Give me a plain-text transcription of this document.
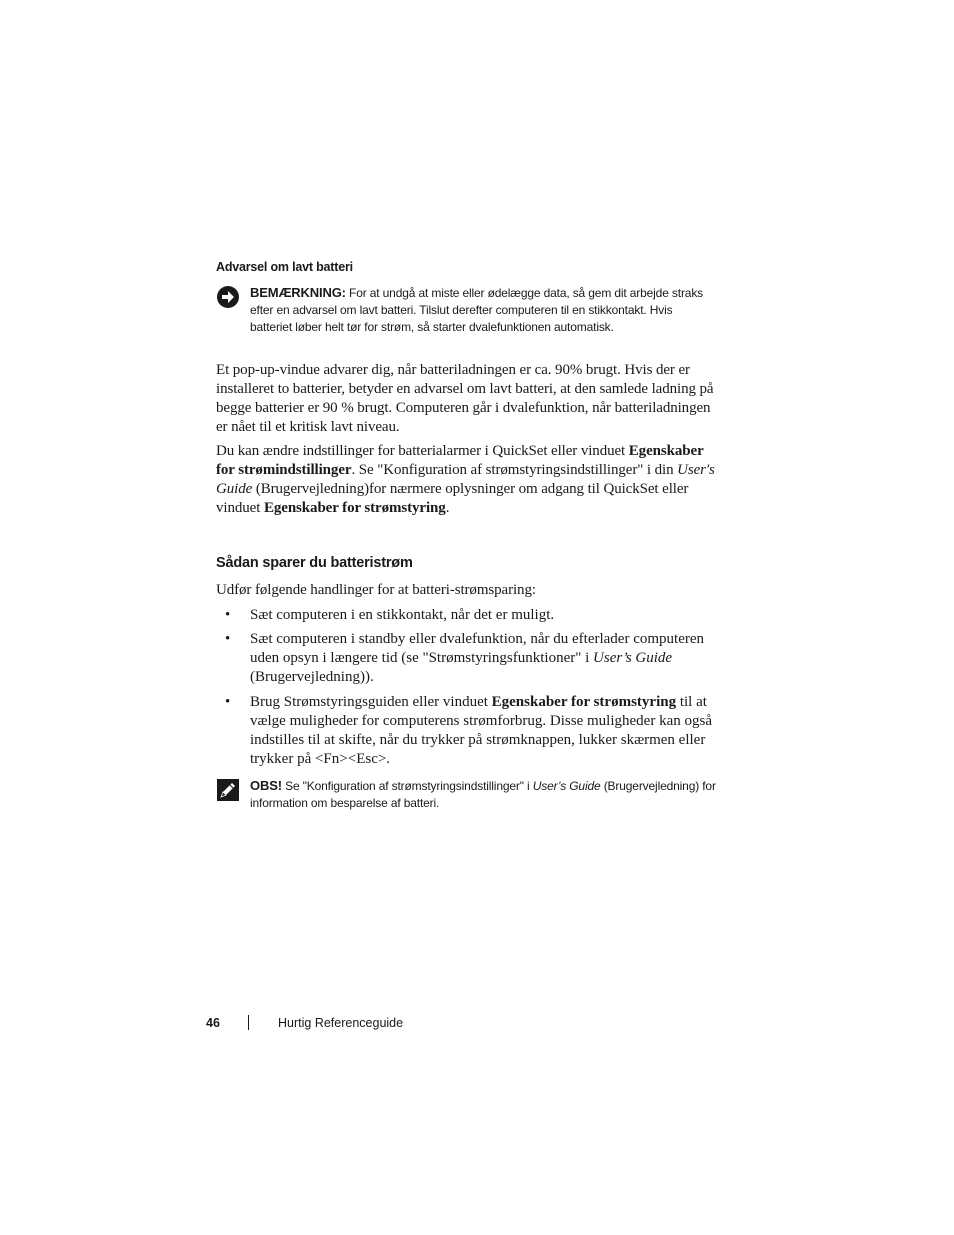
Advarsel om lavt batteri
BEMÆRKNING: For at undgå at miste eller ødelægge data, så gem dit arbejde straks efter en advarsel om lavt batteri. Tilslut derefter computeren til en stikkontakt. Hvis batteriet løber helt tør for strøm, så starter dvalefunktionen automatisk.
Et pop-up-vindue advarer dig, når batteriladningen er ca. 90% brugt. Hvis der er installeret to batterier, betyder en advarsel om lavt batteri, at den samlede ladning på begge batterier er 90 % brugt. Computeren går i dvalefunktion, når batteriladningen er nået til et kritisk lavt niveau.
Du kan ændre indstillinger for batterialarmer i QuickSet eller vinduet Egenskaber for strømindstillinger. Se "Konfiguration af strømstyringsindstillinger" i din User's Guide (Brugervejledning)for nærmere oplysninger om adgang til QuickSet eller vinduet Egenskaber for strømstyring.
Sådan sparer du batteristrøm
Udfør følgende handlinger for at batteri-strømsparing:
• Sæt computeren i en stikkontakt, når det er muligt.
• Sæt computeren i standby eller dvalefunktion, når du efterlader computeren uden opsyn i længere tid (se "Strømstyringsfunktioner" i User’s Guide (Brugervejledning)).
• Brug Strømstyringsguiden eller vinduet Egenskaber for strømstyring til at vælge muligheder for computerens strømforbrug. Disse muligheder kan også indstilles til at skifte, når du trykker på strømknappen, lukker skærmen eller trykker på <Fn><Esc>.
OBS! Se "Konfiguration af strømstyringsindstillinger" i User’s Guide (Brugervejledning) for information om besparelse af batteri.
46	Hurtig Referenceguide
